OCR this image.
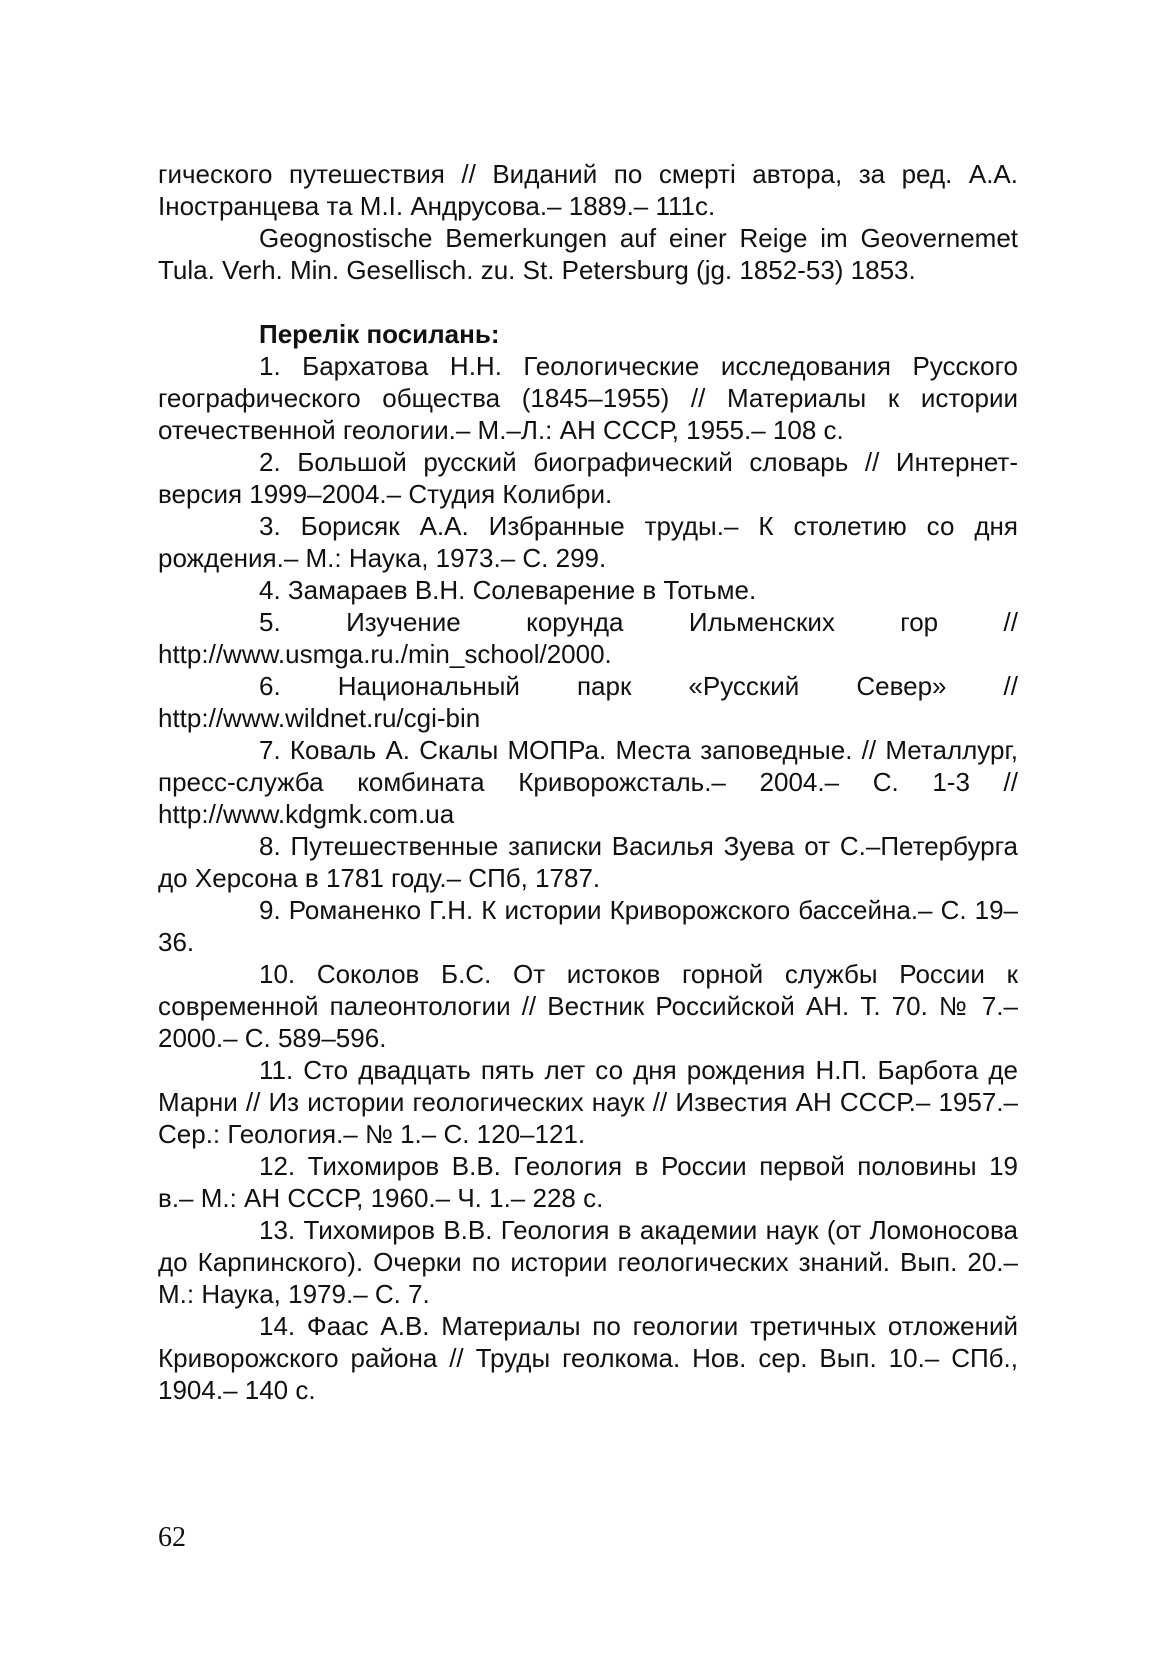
гического путешествия // Виданий по смерті автора, за ред. А.А. Іностранцева та М.І. Андрусова.– 1889.– 111с.

Geognostische Bemerkungen auf einer Reige im Geovernemet Tula. Verh. Min. Gesellisch. zu. St. Petersburg (jg. 1852-53) 1853.

Перелік посилань:

1. Бархатова Н.Н. Геологические исследования Русского географического общества (1845–1955) // Материалы к истории отечественной геологии.– М.–Л.: АН СССР, 1955.– 108 с.

2. Большой русский биографический словарь // Интернет-версия 1999–2004.– Студия Колибри.

3. Борисяк А.А. Избранные труды.– К столетию со дня рождения.– М.: Наука, 1973.– С. 299.

4. Замараев В.Н. Солеварение в Тотьме.

5. Изучение корунда Ильменских гор // http://www.usmga.ru./min_school/2000.

6. Национальный парк «Русский Север» // http://www.wildnet.ru/cgi-bin

7. Коваль А. Скалы МОПРа. Места заповедные. // Металлург, пресс-служба комбината Криворожсталь.– 2004.– С. 1-3 // http://www.kdgmk.com.ua

8. Путешественные записки Василья Зуева от С.–Петербурга до Херсона в 1781 году.– СПб, 1787.

9. Романенко Г.Н. К истории Криворожского бассейна.– С. 19–36.

10. Соколов Б.С. От истоков горной службы России к современной палеонтологии // Вестник Российской АН. Т. 70. № 7.– 2000.– С. 589–596.

11. Сто двадцать пять лет со дня рождения Н.П. Барбота де Марни // Из истории геологических наук // Известия АН СССР.– 1957.– Сер.: Геология.– № 1.– С. 120–121.

12. Тихомиров В.В. Геология в России первой половины 19 в.– М.: АН СССР, 1960.– Ч. 1.– 228 с.

13. Тихомиров В.В. Геология в академии наук (от Ломоносова до Карпинского). Очерки по истории геологических знаний. Вып. 20.– М.: Наука, 1979.– С. 7.

14. Фаас А.В. Материалы по геологии третичных отложений Криворожского района // Труды геолкома. Нов. сер. Вып. 10.– СПб., 1904.– 140 с.

62
